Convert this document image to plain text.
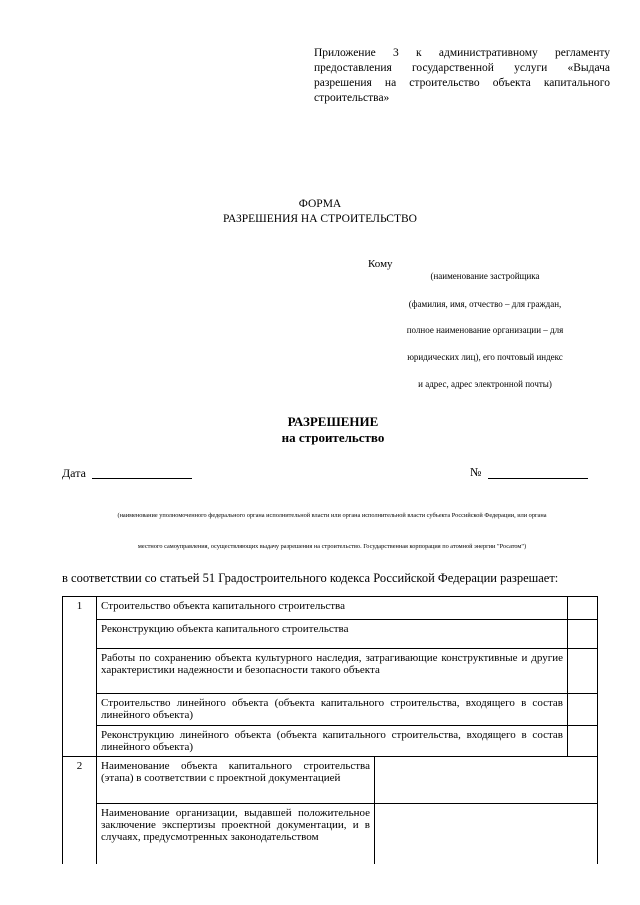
Приложение 3 к административному регламенту предоставления государственной услуги «Выдача разрешения на строительство объекта капитального строительства»
ФОРМА
РАЗРЕШЕНИЯ НА СТРОИТЕЛЬСТВО
Кому
(наименование застройщика
(фамилия, имя, отчество – для граждан,
полное наименование организации – для
юридических лиц), его почтовый индекс
и адрес, адрес электронной почты)
РАЗРЕШЕНИЕ
на строительство
Дата	№
(наименование уполномоченного федерального органа исполнительной власти или органа исполнительной власти субъекта Российской Федерации, или органа
местного самоуправления, осуществляющих выдачу разрешения на строительство. Государственная корпорация по атомной энергии "Росатом")
в соответствии со статьей 51 Градостроительного кодекса Российской Федерации разрешает:
1	Строительство объекта капитального строительства		
	Реконструкцию объекта капитального строительства		
	Работы по сохранению объекта культурного наследия, затрагивающие конструктивные и другие характеристики надежности и безопасности такого объекта		
	Строительство линейного объекта (объекта капитального строительства, входящего в состав линейного объекта)		
	Реконструкцию линейного объекта (объекта капитального строительства, входящего в состав линейного объекта)		
2	Наименование объекта капитального строительства (этапа) в соответствии с проектной документацией		
	Наименование организации, выдавшей положительное заключение экспертизы проектной документации, и в случаях, предусмотренных законодательством		
